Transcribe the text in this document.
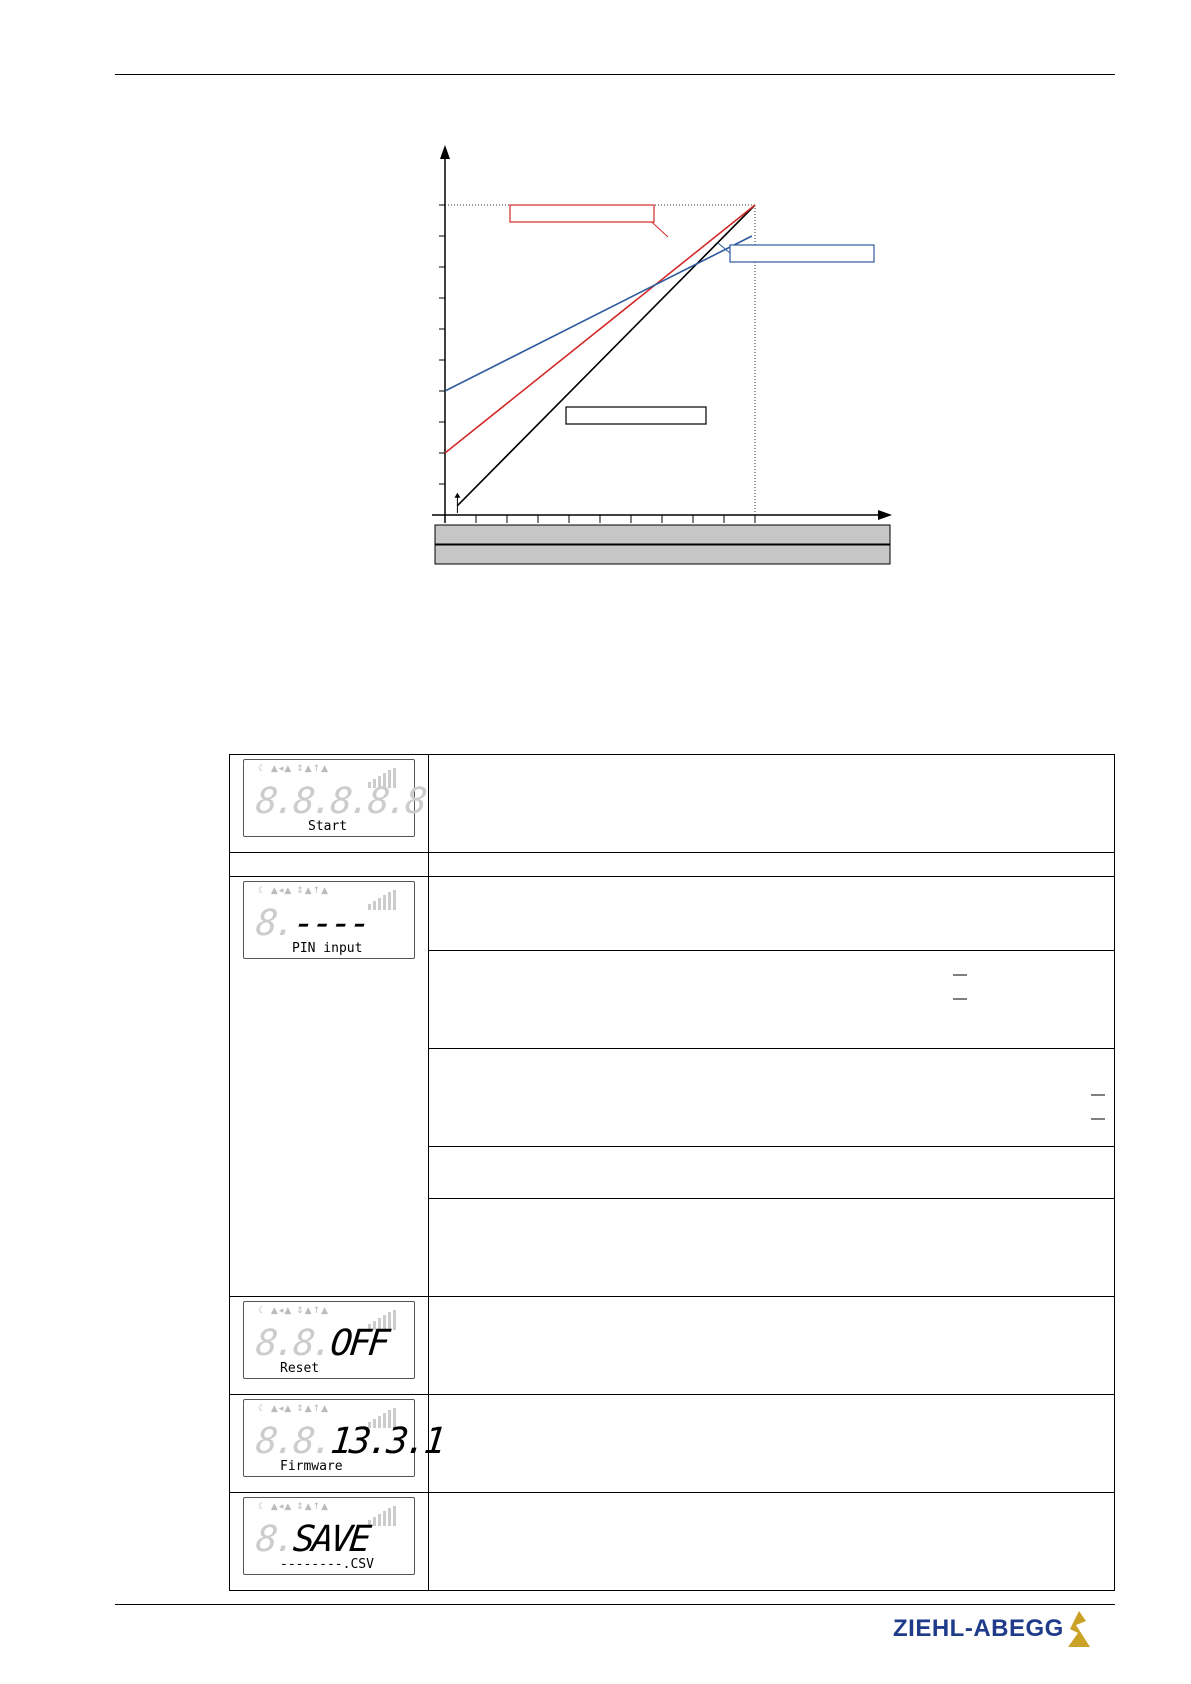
☾ ▲◂▲ ⇕▲↑▲
8.8.8.8.8
Start	

☾ ▲◂▲ ⇕▲↑▲
8.----
PIN input	

☾ ▲◂▲ ⇕▲↑▲
8.8.OFF
Reset	

☾ ▲◂▲ ⇕▲↑▲
8.8.13.3.1
Firmware	

☾ ▲◂▲ ⇕▲↑▲
8.SAVE
--------.CSV	

ZIEHL-ABEGG
